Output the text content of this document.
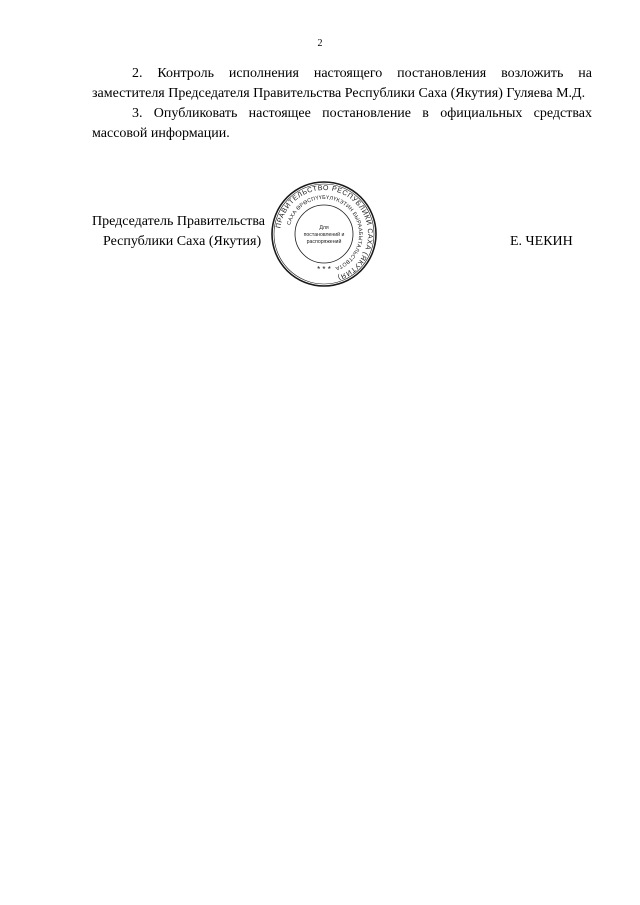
2

2. Контроль исполнения настоящего постановления возложить на заместителя Председателя Правительства Республики Саха (Якутия) Гуляева М.Д.

3. Опубликовать настоящее постановление в официальных средствах массовой информации.

Председатель Правительства
Республики Саха (Якутия)
ПРАВИТЕЛЬСТВО РЕСПУБЛИКИ САХА (ЯКУТИЯ)
САХА ӨРӨСПҮҮБҮЛҮКЭТИН БЫРААБЫТАЛЬСТВОТА
Для
постановлений и
распоряжений
* * *
Е. ЧЕКИН
